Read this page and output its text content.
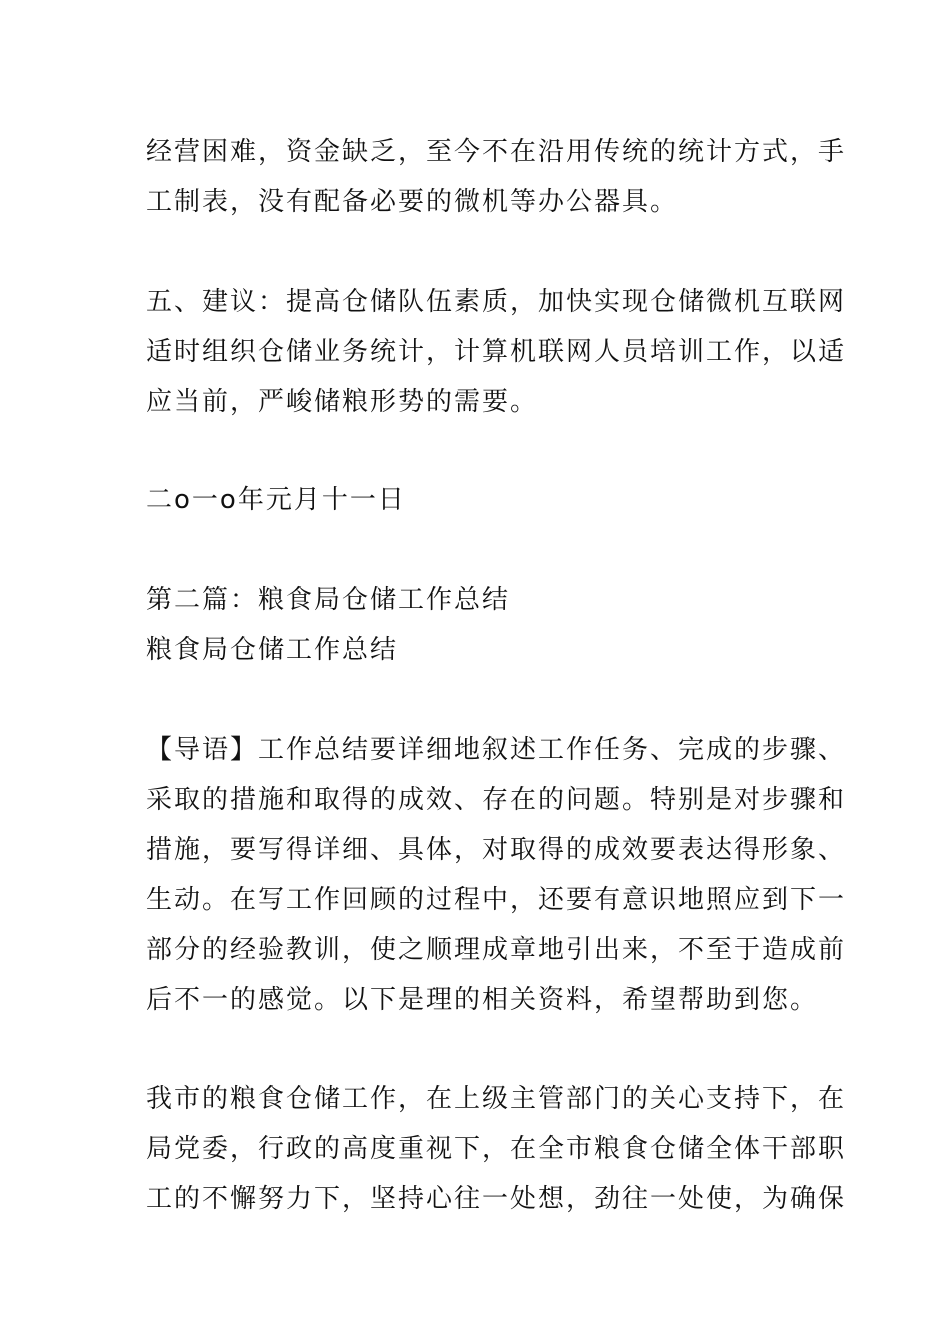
经营困难，资金缺乏，至今不在沿用传统的统计方式，手

工制表，没有配备必要的微机等办公器具。

五、建议：提高仓储队伍素质，加快实现仓储微机互联网

适时组织仓储业务统计，计算机联网人员培训工作，以适

应当前，严峻储粮形势的需要。

二o一o年元月十一日

第二篇：粮食局仓储工作总结

粮食局仓储工作总结

【导语】工作总结要详细地叙述工作任务、完成的步骤、

采取的措施和取得的成效、存在的问题。特别是对步骤和

措施，要写得详细、具体，对取得的成效要表达得形象、

生动。在写工作回顾的过程中，还要有意识地照应到下一

部分的经验教训，使之顺理成章地引出来，不至于造成前

后不一的感觉。以下是理的相关资料，希望帮助到您。

我市的粮食仓储工作，在上级主管部门的关心支持下，在

局党委，行政的高度重视下，在全市粮食仓储全体干部职

工的不懈努力下，坚持心往一处想，劲往一处使，为确保
